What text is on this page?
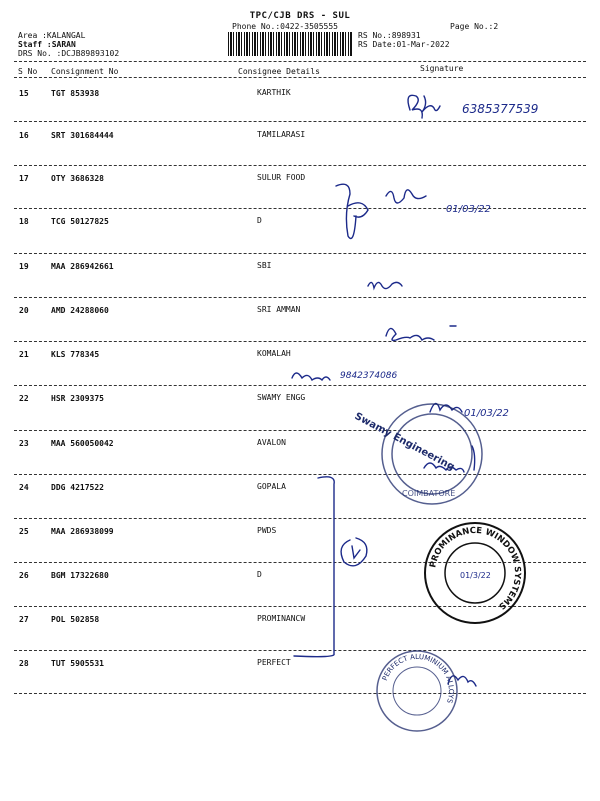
TPC/CJB DRS - SUL
Phone No.:0422-3505555	Page No.:2
Area :KALANGAL
Staff :SARAN
DRS No. :DCJB89893102
RS No.:898931
RS Date:01-Mar-2022
S No Consignment No	Consignee Details	Signature
15	TGT 853938	KARTHIK
16	SRT 301684444	TAMILARASI
17	OTY 3686328	SULUR FOOD
18	TCG 50127825	D
19	MAA 286942661	SBI
20	AMD 24288060	SRI AMMAN
21	KLS 778345	KOMALAH
22	HSR 2309375	SWAMY ENGG
23	MAA 560050042	AVALON
24	DDG 4217522	GOPALA
25	MAA 286938099	PWDS
26	BGM 17322680	D
27	POL 502858	PROMINANCW
28	TUT 5905531	PERFECT
6385377539
01/03/22
9842374086
01/03/22
Swamy Engineering
COIMBATORE
PROMINANCE WINDOW SYSTEMS
01/3/22
PERFECT ALUMINIUM ALLOYS
